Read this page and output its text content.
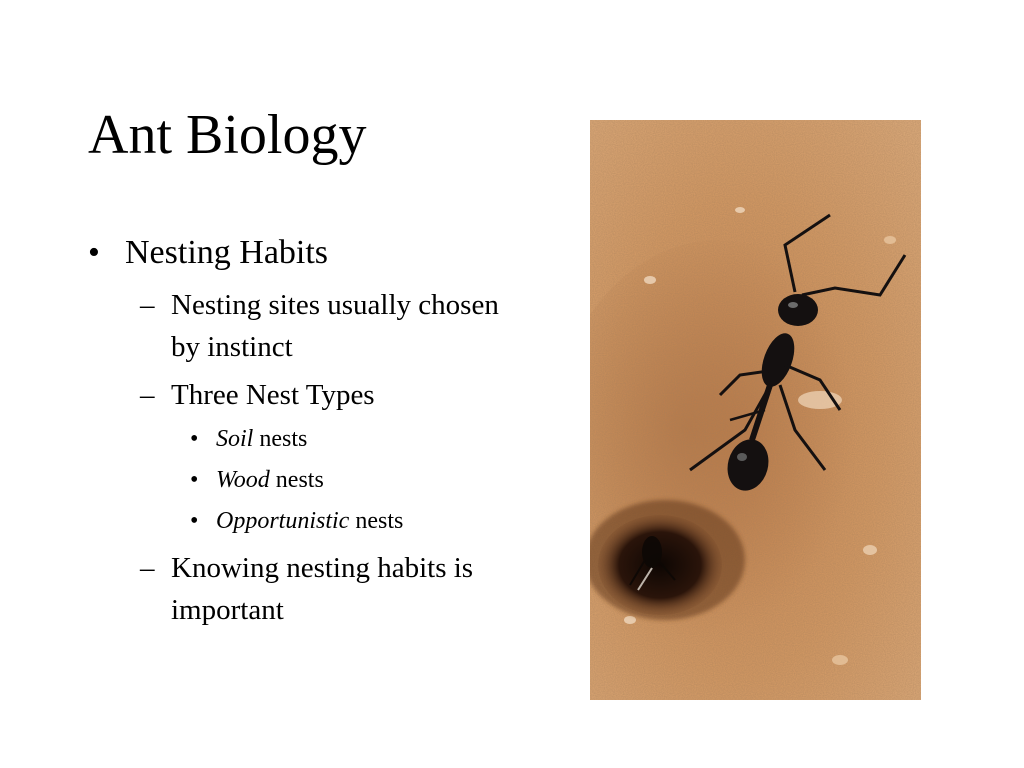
Ant Biology
• Nesting Habits
– Nesting sites usually chosen
by instinct
– Three Nest Types
• Soil nests
• Wood nests
• Opportunistic nests
– Knowing nesting habits is
important
